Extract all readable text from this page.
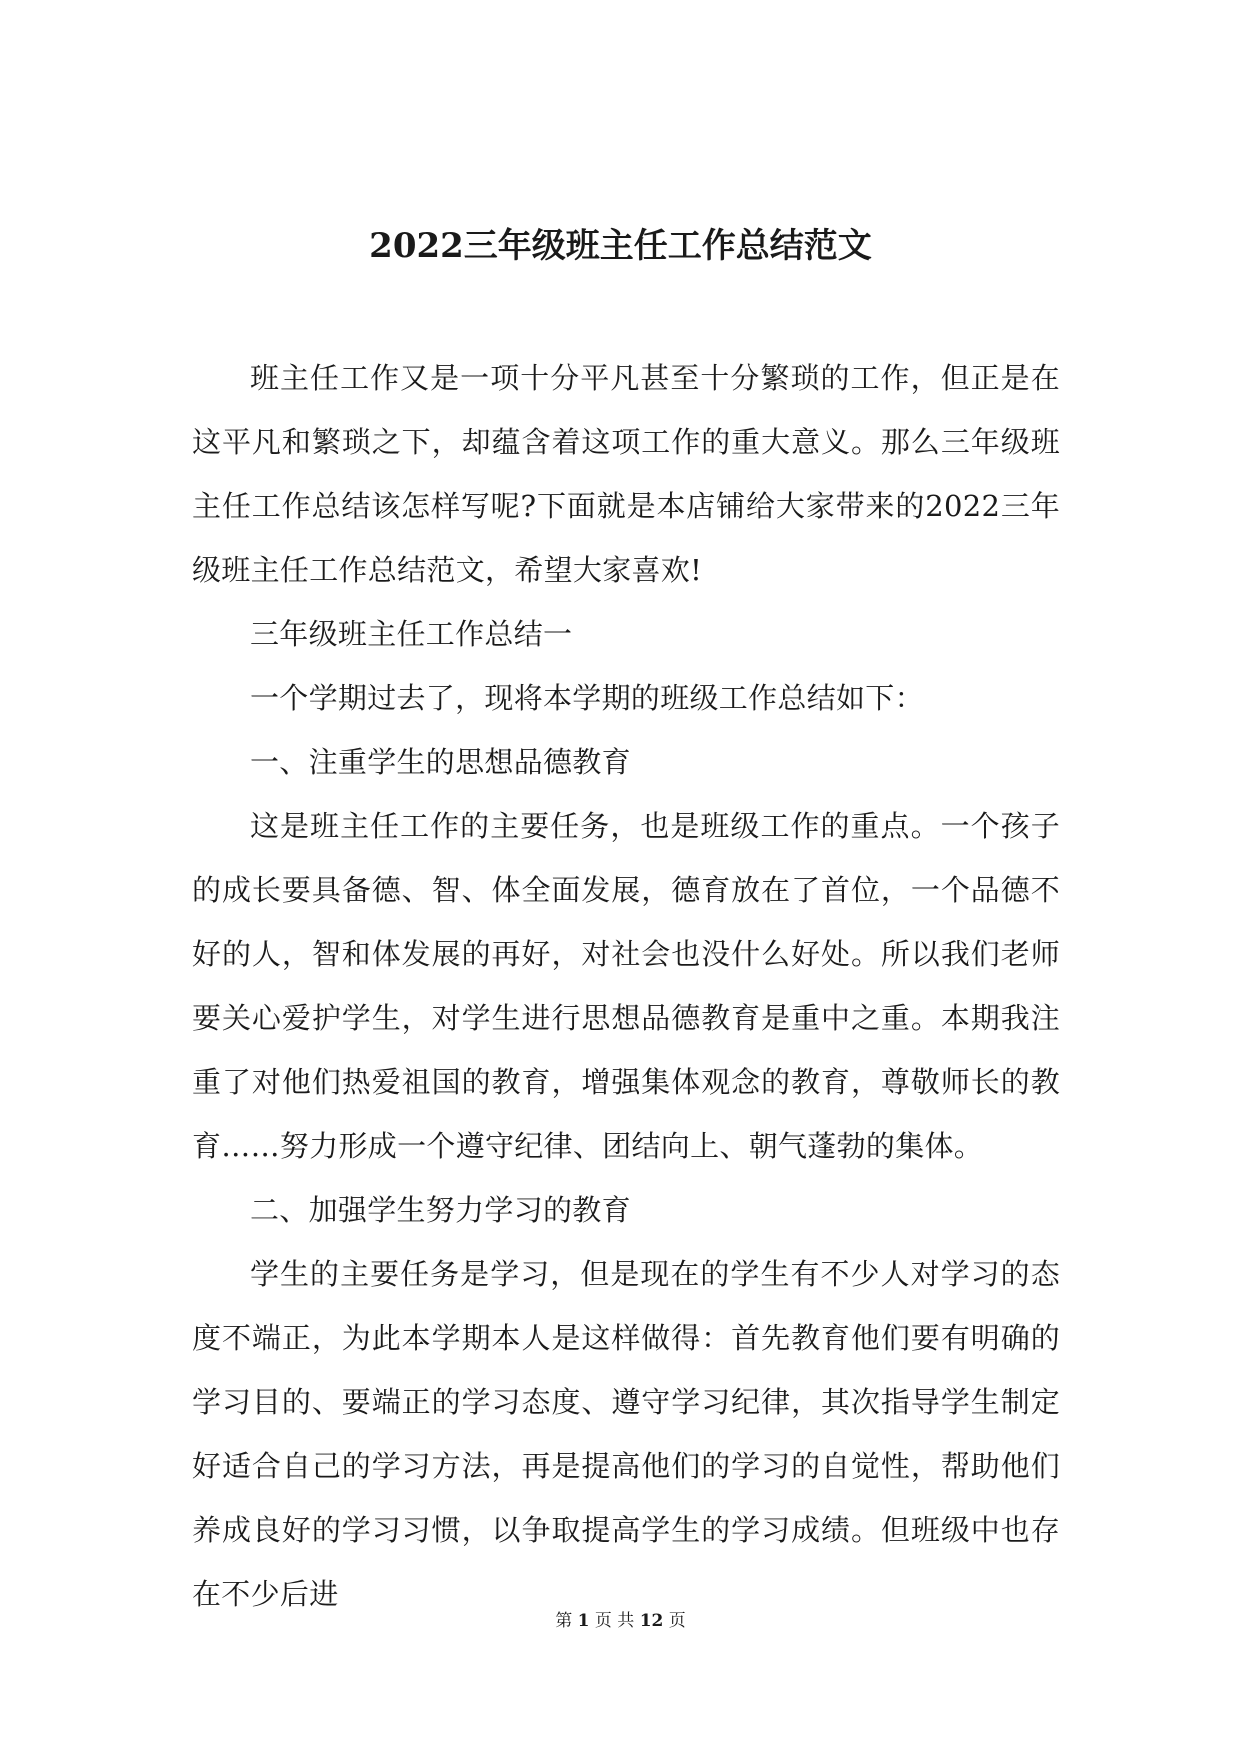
2022三年级班主任工作总结范文

班主任工作又是一项十分平凡甚至十分繁琐的工作，但正是在这平凡和繁琐之下，却蕴含着这项工作的重大意义。那么三年级班主任工作总结该怎样写呢?下面就是本店铺给大家带来的2022三年级班主任工作总结范文，希望大家喜欢!

三年级班主任工作总结一

一个学期过去了，现将本学期的班级工作总结如下：

一、注重学生的思想品德教育

这是班主任工作的主要任务，也是班级工作的重点。一个孩子的成长要具备德、智、体全面发展，德育放在了首位，一个品德不好的人，智和体发展的再好，对社会也没什么好处。所以我们老师要关心爱护学生，对学生进行思想品德教育是重中之重。本期我注重了对他们热爱祖国的教育，增强集体观念的教育，尊敬师长的教育……努力形成一个遵守纪律、团结向上、朝气蓬勃的集体。

二、加强学生努力学习的教育

学生的主要任务是学习，但是现在的学生有不少人对学习的态度不端正，为此本学期本人是这样做得：首先教育他们要有明确的学习目的、要端正的学习态度、遵守学习纪律，其次指导学生制定好适合自己的学习方法，再是提高他们的学习的自觉性，帮助他们养成良好的学习习惯，以争取提高学生的学习成绩。但班级中也存在不少后进

第 1 页 共 12 页
